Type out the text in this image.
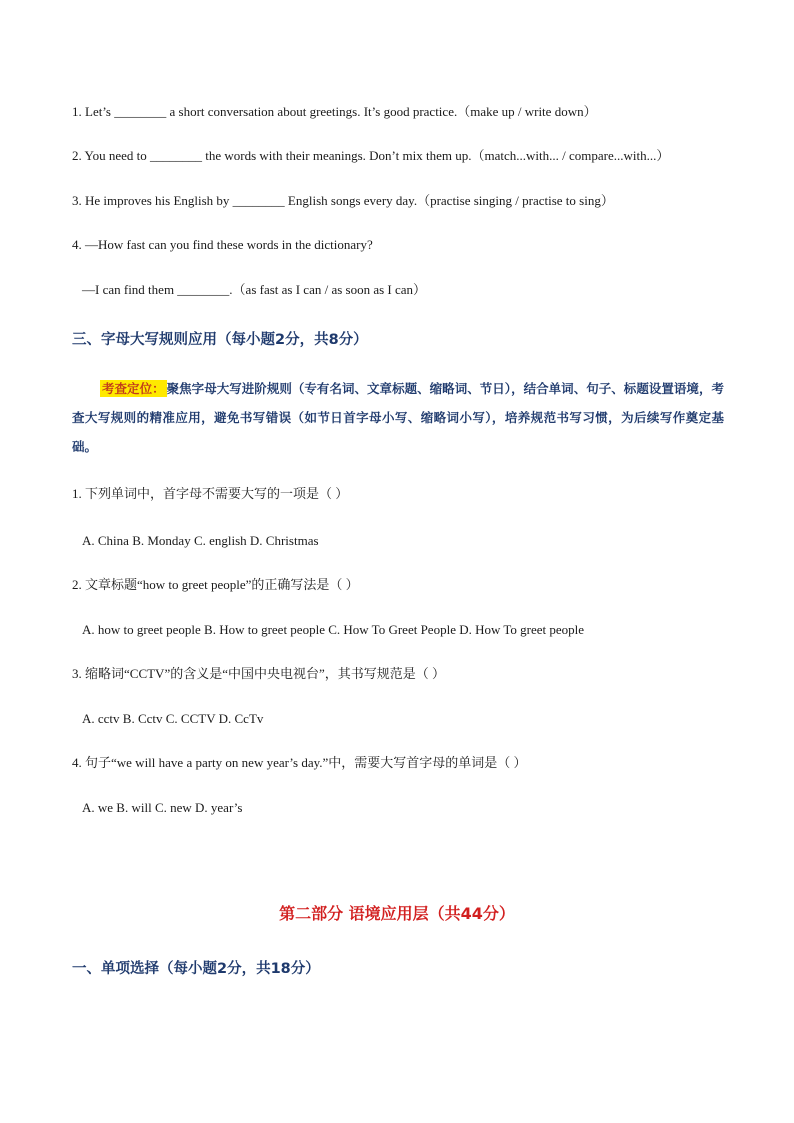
1. Let’s ________ a short conversation about greetings. It’s good practice.（make up / write down）
2. You need to ________ the words with their meanings. Don’t mix them up.（match...with... / compare...with...）
3. He improves his English by ________ English songs every day.（practise singing / practise to sing）
4. —How fast can you find these words in the dictionary?
—I can find them ________.（as fast as I can / as soon as I can）
三、字母大写规则应用（每小题2分，共8分）
考查定位： 聚焦字母大写进阶规则（专有名词、文章标题、缩略词、节日），结合单词、句子、标题设置语境，考查大写规则的精准应用，避免书写错误（如节日首字母小写、缩略词小写），培养规范书写习惯，为后续写作奠定基础。
1. 下列单词中，首字母不需要大写的一项是（ ）
A. China B. Monday C. english D. Christmas
2. 文章标题“how to greet people”的正确写法是（ ）
A. how to greet people B. How to greet people C. How To Greet People D. How To greet people
3. 缩略词“CCTV”的含义是“中国中央电视台”，其书写规范是（ ）
A. cctv B. Cctv C. CCTV D. CcTv
4. 句子“we will have a party on new year’s day.”中，需要大写首字母的单词是（ ）
A. we B. will C. new D. year’s
第二部分 语境应用层（共44分）
一、单项选择（每小题2分，共18分）
